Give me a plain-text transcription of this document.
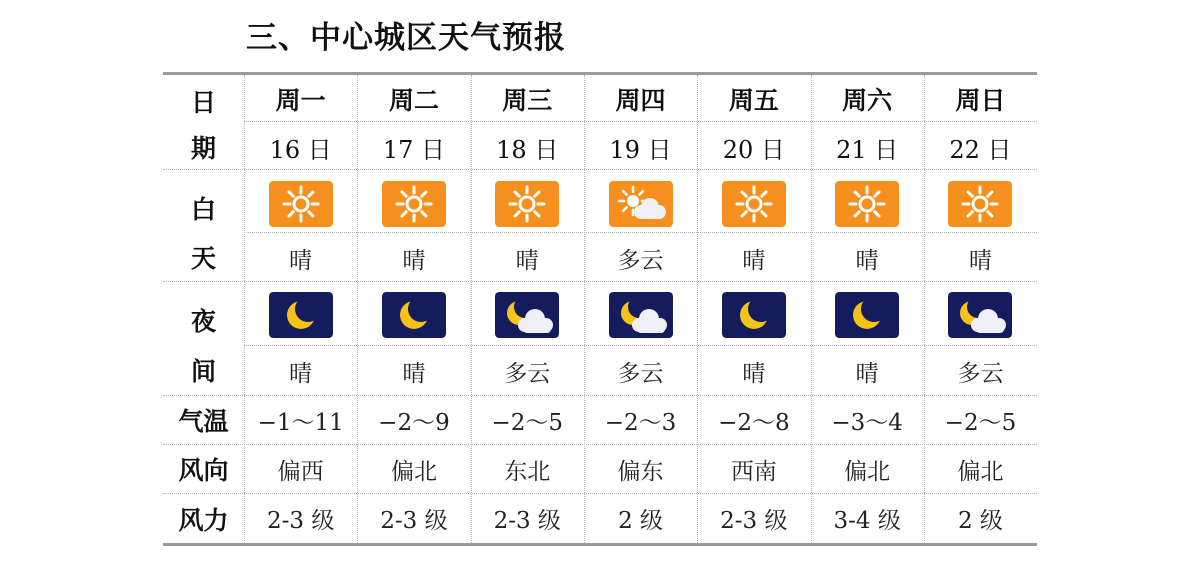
三、中心城区天气预报
日
期
白
天
夜
间
气温
风向
风力
周一
16 日
晴
晴
−1～11
偏西
2-3 级
周二
17 日
晴
晴
−2～9
偏北
2-3 级
周三
18 日
晴
多云
−2～5
东北
2-3 级
周四
19 日
多云
多云
−2～3
偏东
2 级
周五
20 日
晴
晴
−2～8
西南
2-3 级
周六
21 日
晴
晴
−3～4
偏北
3-4 级
周日
22 日
晴
多云
−2～5
偏北
2 级
